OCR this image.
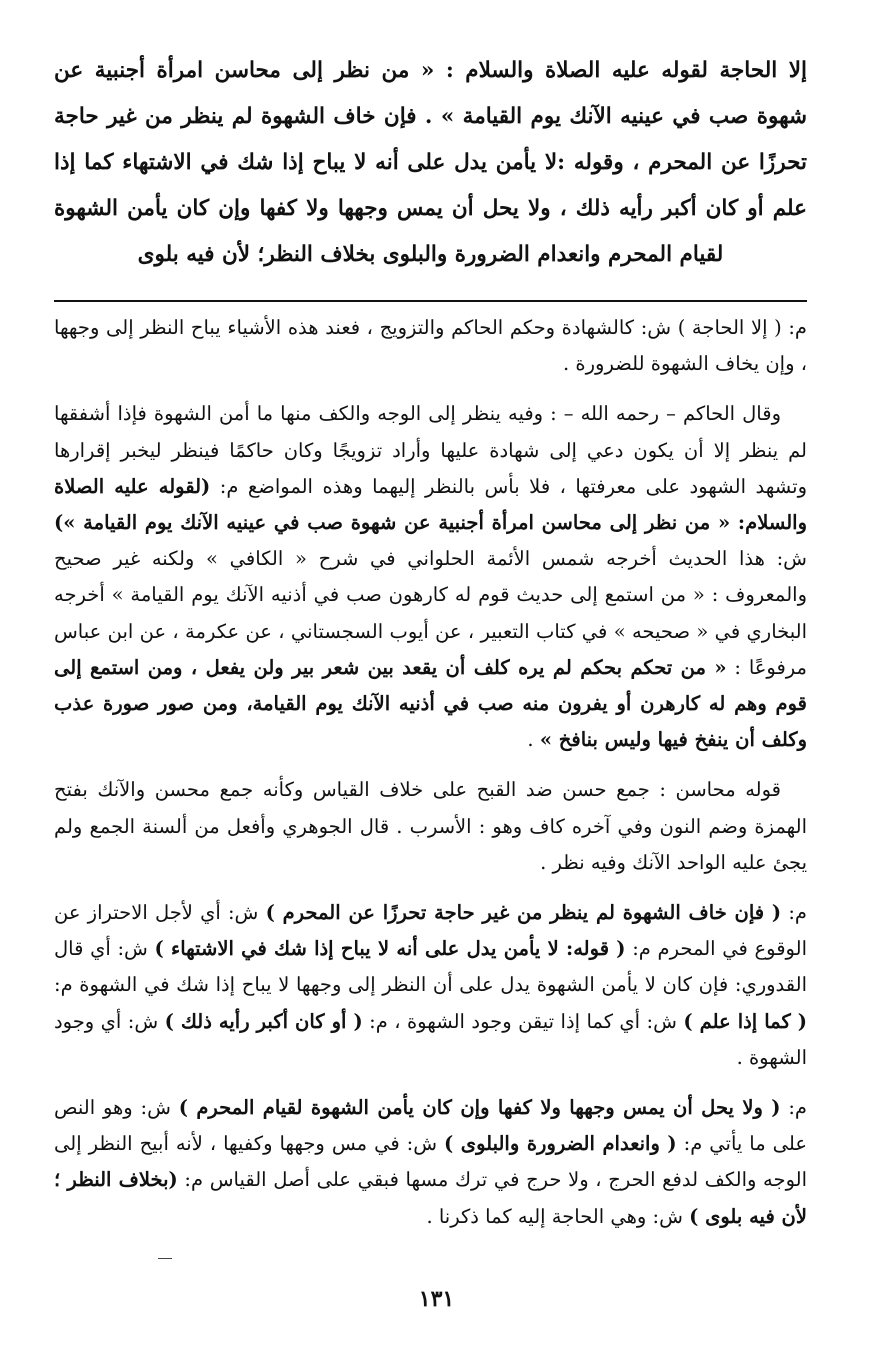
إلا الحاجة لقوله عليه الصلاة والسلام : « من نظر إلى محاسن امرأة أجنبية عن شهوة صب في عينيه الآنك يوم القيامة » . فإن خاف الشهوة لم ينظر من غير حاجة تحرزًا عن المحرم ، وقوله :لا يأمن يدل على أنه لا يباح إذا شك في الاشتهاء كما إذا علم أو كان أكبر رأيه ذلك ، ولا يحل أن يمس وجهها ولا كفها وإن كان يأمن الشهوة لقيام المحرم وانعدام الضرورة والبلوى بخلاف النظر؛ لأن فيه بلوى

م: ( إلا الحاجة ) ش: كالشهادة وحكم الحاكم والتزويج ، فعند هذه الأشياء يباح النظر إلى وجهها ، وإن يخاف الشهوة للضرورة .

وقال الحاكم – رحمه الله – : وفيه ينظر إلى الوجه والكف منها ما أمن الشهوة فإذا أشفقها لم ينظر إلا أن يكون دعي إلى شهادة عليها وأراد تزويجًا وكان حاكمًا فينظر ليخبر إقرارها وتشهد الشهود على معرفتها ، فلا بأس بالنظر إليهما وهذه المواضع م: (لقوله عليه الصلاة والسلام: « من نظر إلى محاسن امرأة أجنبية عن شهوة صب في عينيه الآنك يوم القيامة ») ش: هذا الحديث أخرجه شمس الأئمة الحلواني في شرح « الكافي » ولكنه غير صحيح والمعروف : « من استمع إلى حديث قوم له كارهون صب في أذنيه الآنك يوم القيامة » أخرجه البخاري في « صحيحه » في كتاب التعبير ، عن أيوب السجستاني ، عن عكرمة ، عن ابن عباس مرفوعًا : « من تحكم بحكم لم يره كلف أن يقعد بين شعر بير ولن يفعل ، ومن استمع إلى قوم وهم له كارهرن أو يفرون منه صب في أذنيه الآنك يوم القيامة، ومن صور صورة عذب وكلف أن ينفخ فيها وليس بنافخ » .

قوله محاسن : جمع حسن ضد القبح على خلاف القياس وكأنه جمع محسن والآنك بفتح الهمزة وضم النون وفي آخره كاف وهو : الأسرب . قال الجوهري وأفعل من ألسنة الجمع ولم يجئ عليه الواحد الآنك وفيه نظر .

م: ( فإن خاف الشهوة لم ينظر من غير حاجة تحرزًا عن المحرم ) ش: أي لأجل الاحتراز عن الوقوع في المحرم م: ( قوله: لا يأمن يدل على أنه لا يباح إذا شك في الاشتهاء ) ش: أي قال القدوري: فإن كان لا يأمن الشهوة يدل على أن النظر إلى وجهها لا يباح إذا شك في الشهوة م: ( كما إذا علم ) ش: أي كما إذا تيقن وجود الشهوة ، م: ( أو كان أكبر رأيه ذلك ) ش: أي وجود الشهوة .

م: ( ولا يحل أن يمس وجهها ولا كفها وإن كان يأمن الشهوة لقيام المحرم ) ش: وهو النص على ما يأتي م: ( وانعدام الضرورة والبلوى ) ش: في مس وجهها وكفيها ، لأنه أبيح النظر إلى الوجه والكف لدفع الحرج ، ولا حرج في ترك مسها فبقي على أصل القياس م: (بخلاف النظر ؛ لأن فيه بلوى ) ش: وهي الحاجة إليه كما ذكرنا .

١٣١
